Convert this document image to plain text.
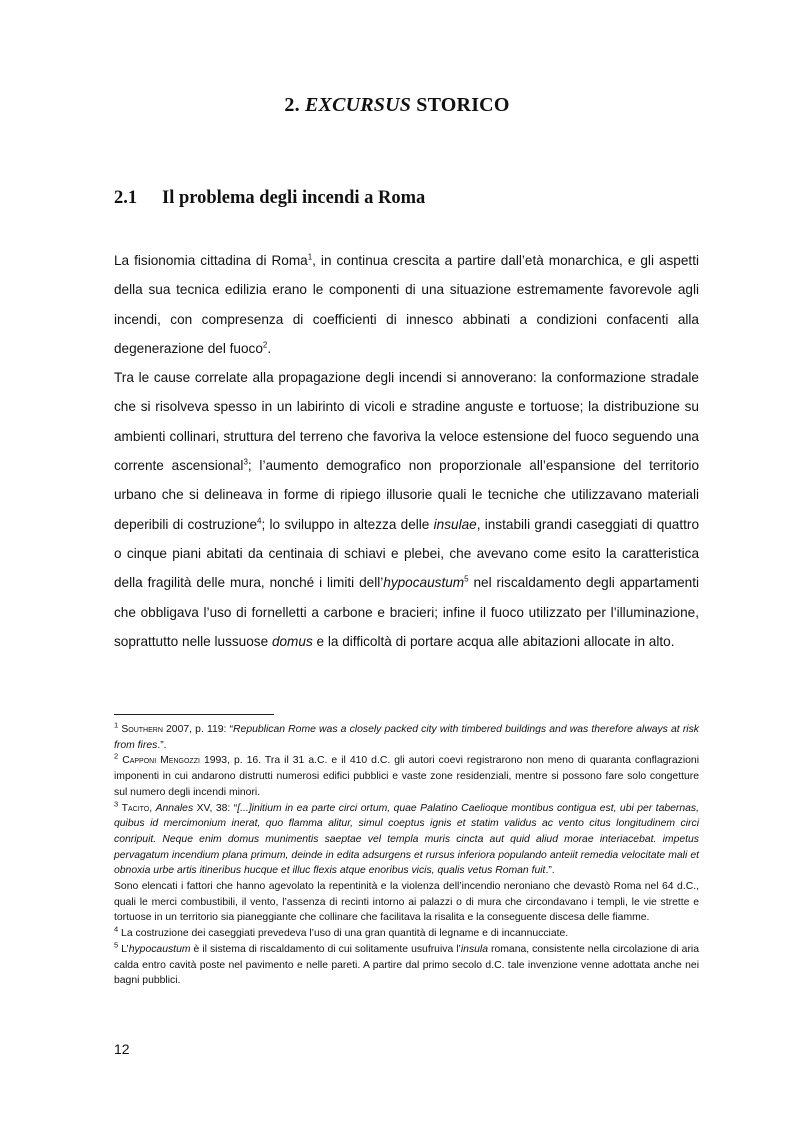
2. EXCURSUS STORICO
2.1 Il problema degli incendi a Roma

La fisionomia cittadina di Roma$^1$, in continua crescita a partire dall’età monarchica, e gli aspetti della sua tecnica edilizia erano le componenti di una situazione estremamente favorevole agli incendi, con compresenza di coefficienti di innesco abbinati a condizioni confacenti alla degenerazione del fuoco$^2$.

Tra le cause correlate alla propagazione degli incendi si annoverano: la conformazione stradale che si risolveva spesso in un labirinto di vicoli e stradine anguste e tortuose; la distribuzione su ambienti collinari, struttura del terreno che favoriva la veloce estensione del fuoco seguendo una corrente ascensional$^3$; l’aumento demografico non proporzionale all’espansione del territorio urbano che si delineava in forme di ripiego illusorie quali le tecniche che utilizzavano materiali deperibili di costruzione$^4$; lo sviluppo in altezza delle insulae, instabili grandi caseggiati di quattro o cinque piani abitati da centinaia di schiavi e plebei, che avevano come esito la caratteristica della fragilità delle mura, nonché i limiti dell’hypocaustum$^5$ nel riscaldamento degli appartamenti che obbligava l’uso di fornelletti a carbone e bracieri; infine il fuoco utilizzato per l’illuminazione, soprattutto nelle lussuose domus e la difficoltà di portare acqua alle abitazioni allocate in alto.

$^1$ Southern 2007, p. 119: “Republican Rome was a closely packed city with timbered buildings and was therefore always at risk from fires.”.

$^2$ Capponi Mengozzi 1993, p. 16. Tra il 31 a.C. e il 410 d.C. gli autori coevi registrarono non meno di quaranta conflagrazioni imponenti in cui andarono distrutti numerosi edifici pubblici e vaste zone residenziali, mentre si possono fare solo congetture sul numero degli incendi minori.

$^3$ Tacito, Annales XV, 38: “[...]initium in ea parte circi ortum, quae Palatino Caelioque montibus contigua est, ubi per tabernas, quibus id mercimonium inerat, quo flamma alitur, simul coeptus ignis et statim validus ac vento citus longitudinem circi conripuit. Neque enim domus munimentis saeptae vel templa muris cincta aut quid aliud morae interiacebat. impetus pervagatum incendium plana primum, deinde in edita adsurgens et rursus inferiora populando anteiit remedia velocitate mali et obnoxia urbe artis itineribus hucque et illuc flexis atque enoribus vicis, qualis vetus Roman fuit.”.

Sono elencati i fattori che hanno agevolato la repentinità e la violenza dell’incendio neroniano che devastò Roma nel 64 d.C., quali le merci combustibili, il vento, l’assenza di recinti intorno ai palazzi o di mura che circondavano i templi, le vie strette e tortuose in un territorio sia pianeggiante che collinare che facilitava la risalita e la conseguente discesa delle fiamme.

$^4$ La costruzione dei caseggiati prevedeva l’uso di una gran quantità di legname e di incannucciate.

$^5$ L’hypocaustum è il sistema di riscaldamento di cui solitamente usufruiva l’insula romana, consistente nella circolazione di aria calda entro cavità poste nel pavimento e nelle pareti. A partire dal primo secolo d.C. tale invenzione venne adottata anche nei bagni pubblici.

12
